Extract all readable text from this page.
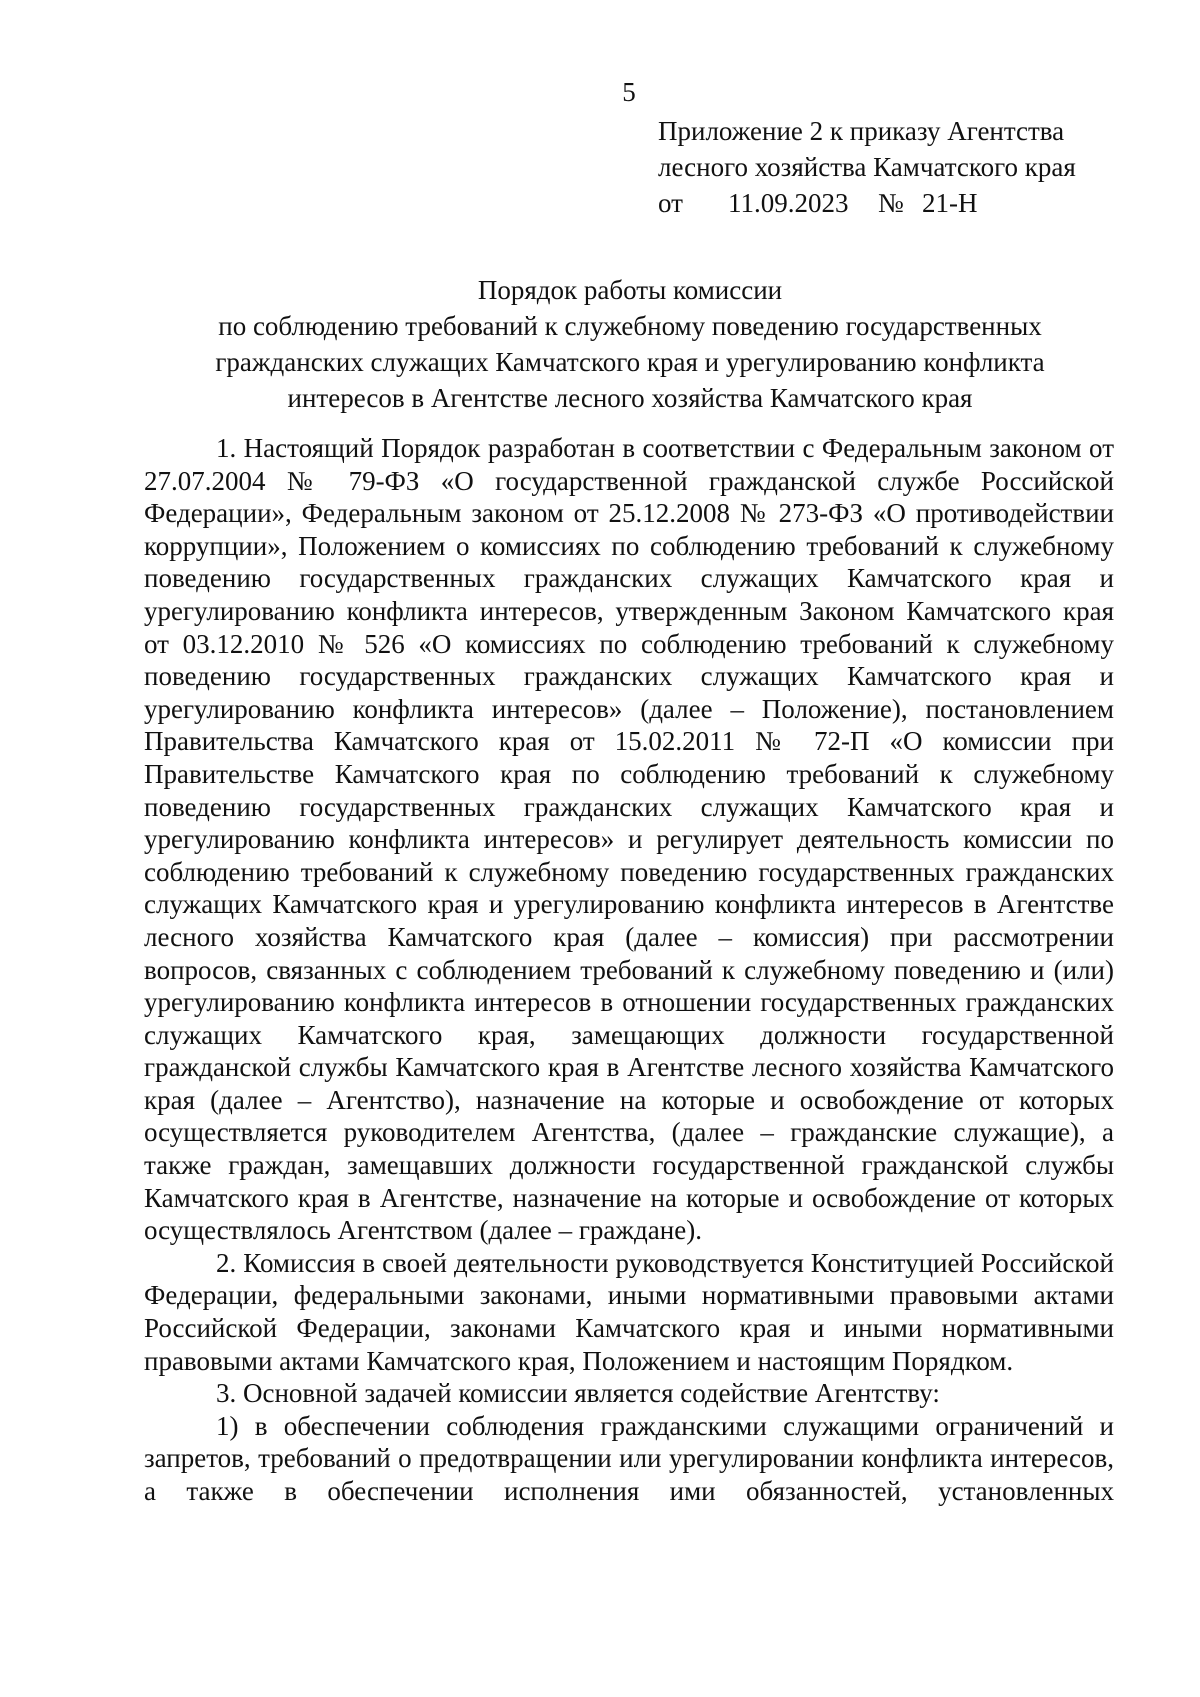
5
Приложение 2 к приказу Агентства
лесного хозяйства Камчатского края
от 11.09.2023 № 21-Н
Порядок работы комиссии
по соблюдению требований к служебному поведению государственных
гражданских служащих Камчатского края и урегулированию конфликта
интересов в Агентстве лесного хозяйства Камчатского края

1. Настоящий Порядок разработан в соответствии с Федеральным законом от 27.07.2004 № 79-ФЗ «О государственной гражданской службе Российской Федерации», Федеральным законом от 25.12.2008 № 273-ФЗ «О противодействии коррупции», Положением о комиссиях по соблюдению требований к служебному поведению государственных гражданских служащих Камчатского края и урегулированию конфликта интересов, утвержденным Законом Камчатского края от 03.12.2010 № 526 «О комиссиях по соблюдению требований к служебному поведению государственных гражданских служащих Камчатского края и урегулированию конфликта интересов» (далее – Положение), постановлением Правительства Камчатского края от 15.02.2011 № 72-П «О комиссии при Правительстве Камчатского края по соблюдению требований к служебному поведению государственных гражданских служащих Камчатского края и урегулированию конфликта интересов» и регулирует деятельность комиссии по соблюдению требований к служебному поведению государственных гражданских служащих Камчатского края и урегулированию конфликта интересов в Агентстве лесного хозяйства Камчатского края (далее – комиссия) при рассмотрении вопросов, связанных с соблюдением требований к служебному поведению и (или) урегулированию конфликта интересов в отношении государственных гражданских служащих Камчатского края, замещающих должности государственной гражданской службы Камчатского края в Агентстве лесного хозяйства Камчатского края (далее – Агентство), назначение на которые и освобождение от которых осуществляется руководителем Агентства, (далее – гражданские служащие), а также граждан, замещавших должности государственной гражданской службы Камчатского края в Агентстве, назначение на которые и освобождение от которых осуществлялось Агентством (далее – граждане).

2. Комиссия в своей деятельности руководствуется Конституцией Российской Федерации, федеральными законами, иными нормативными правовыми актами Российской Федерации, законами Камчатского края и иными нормативными правовыми актами Камчатского края, Положением и настоящим Порядком.

3. Основной задачей комиссии является содействие Агентству:

1) в обеспечении соблюдения гражданскими служащими ограничений и запретов, требований о предотвращении или урегулировании конфликта интересов, а также в обеспечении исполнения ими обязанностей, установленных
